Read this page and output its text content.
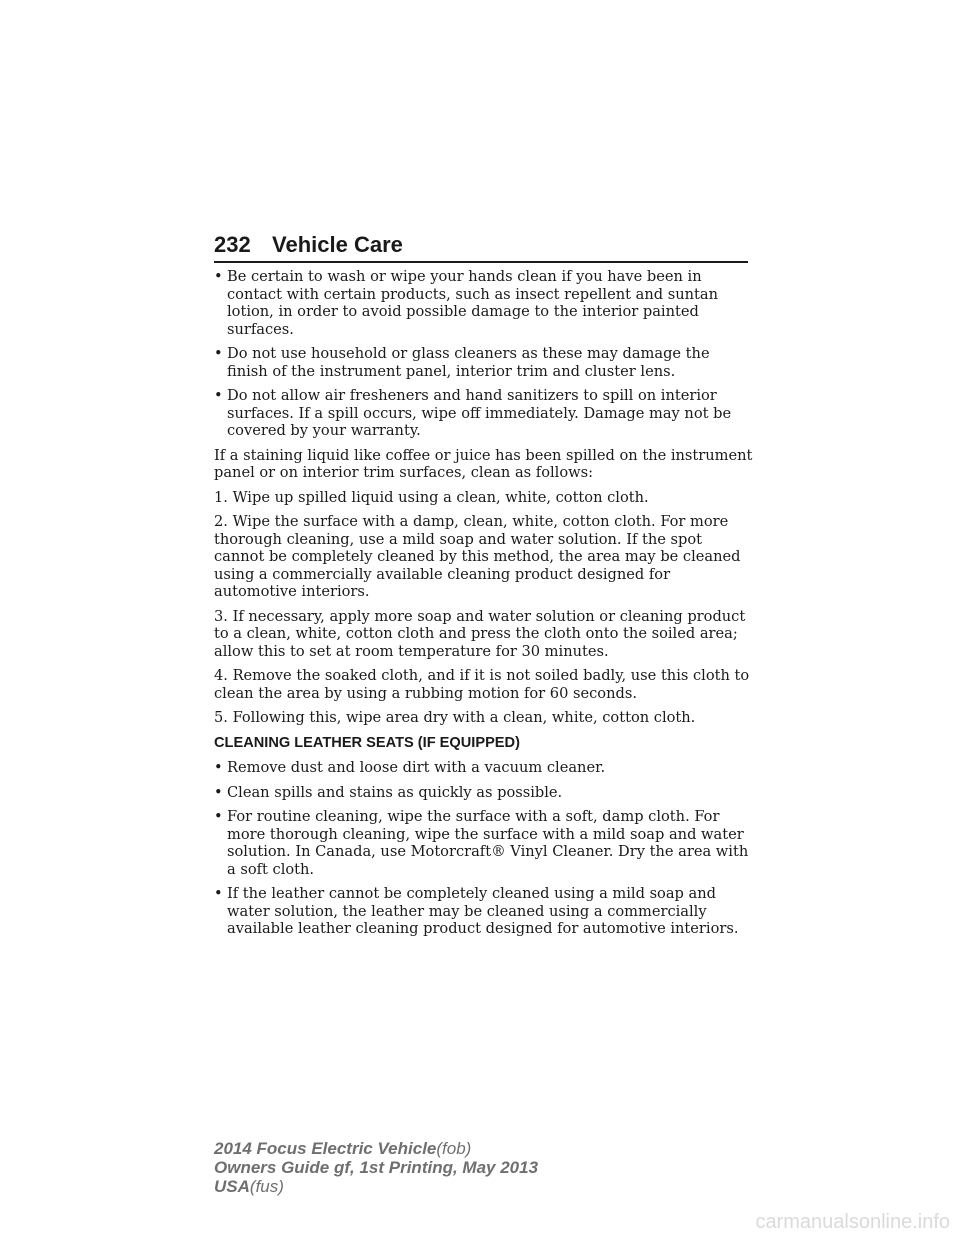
232 Vehicle Care
• Be certain to wash or wipe your hands clean if you have been in contact with certain products, such as insect repellent and suntan lotion, in order to avoid possible damage to the interior painted surfaces.
• Do not use household or glass cleaners as these may damage the finish of the instrument panel, interior trim and cluster lens.
• Do not allow air fresheners and hand sanitizers to spill on interior surfaces. If a spill occurs, wipe off immediately. Damage may not be covered by your warranty.

If a staining liquid like coffee or juice has been spilled on the instrument panel or on interior trim surfaces, clean as follows:

1. Wipe up spilled liquid using a clean, white, cotton cloth.

2. Wipe the surface with a damp, clean, white, cotton cloth. For more thorough cleaning, use a mild soap and water solution. If the spot cannot be completely cleaned by this method, the area may be cleaned using a commercially available cleaning product designed for automotive interiors.

3. If necessary, apply more soap and water solution or cleaning product to a clean, white, cotton cloth and press the cloth onto the soiled area; allow this to set at room temperature for 30 minutes.

4. Remove the soaked cloth, and if it is not soiled badly, use this cloth to clean the area by using a rubbing motion for 60 seconds.

5. Following this, wipe area dry with a clean, white, cotton cloth.

CLEANING LEATHER SEATS (IF EQUIPPED)
• Remove dust and loose dirt with a vacuum cleaner.
• Clean spills and stains as quickly as possible.
• For routine cleaning, wipe the surface with a soft, damp cloth. For more thorough cleaning, wipe the surface with a mild soap and water solution. In Canada, use Motorcraft® Vinyl Cleaner. Dry the area with a soft cloth.
• If the leather cannot be completely cleaned using a mild soap and water solution, the leather may be cleaned using a commercially available leather cleaning product designed for automotive interiors.
2014 Focus Electric Vehicle(fob)
Owners Guide gf, 1st Printing, May 2013
USA(fus)
carmanualsonline.info
